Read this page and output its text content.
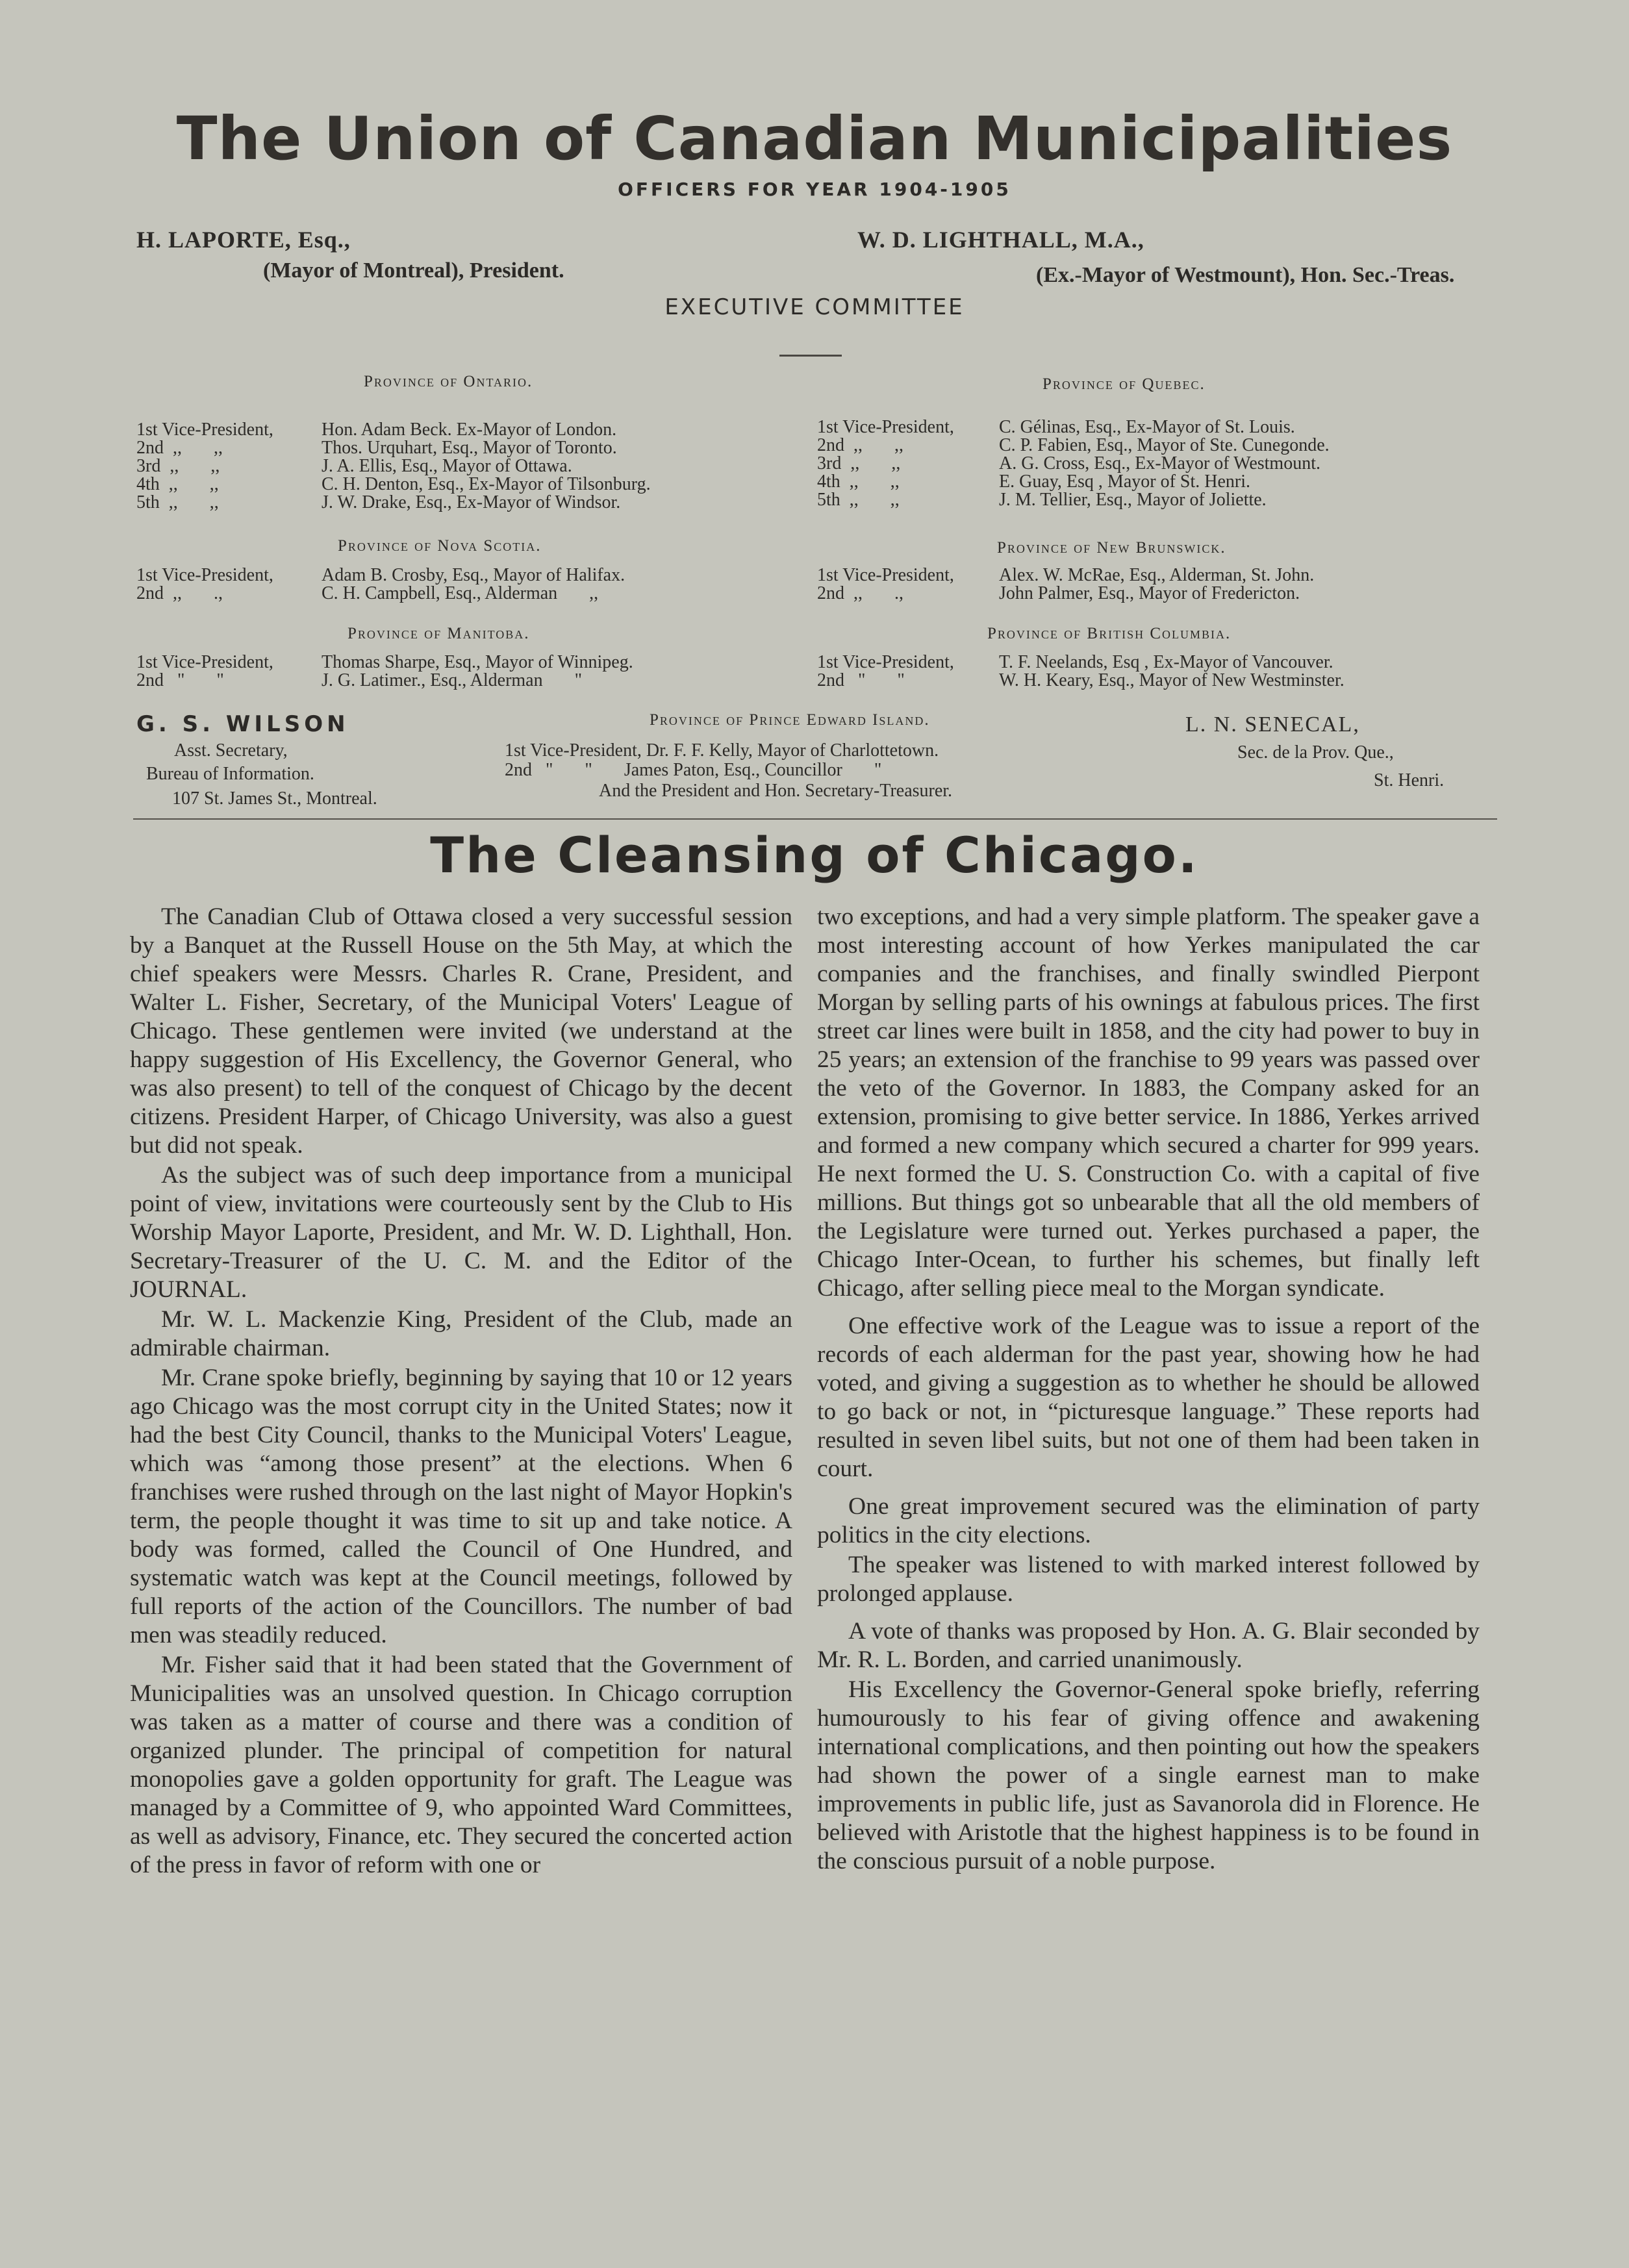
The Union of Canadian Municipalities
OFFICERS FOR YEAR 1904-1905
H. LAPORTE, Esq.,
(Mayor of Montreal), President.
W. D. LIGHTHALL, M.A.,
(Ex.-Mayor of Westmount), Hon. Sec.-Treas.
EXECUTIVE COMMITTEE
Province of Ontario.
1st Vice-President,	Hon. Adam Beck. Ex-Mayor of London.
2nd  ,,       ,,	Thos. Urquhart, Esq., Mayor of Toronto.
3rd  ,,       ,,	J. A. Ellis, Esq., Mayor of Ottawa.
4th  ,,       ,,	C. H. Denton, Esq., Ex-Mayor of Tilsonburg.
5th  ,,       ,,	J. W. Drake, Esq., Ex-Mayor of Windsor.
Province of Quebec.
1st Vice-President, C. Gélinas, Esq., Ex-Mayor of St. Louis.
2nd  ,,       ,,	C. P. Fabien, Esq., Mayor of Ste. Cunegonde.
3rd  ,,       ,,	A. G. Cross, Esq., Ex-Mayor of Westmount.
4th  ,,       ,,	E. Guay, Esq , Mayor of St. Henri.
5th  ,,       ,,	J. M. Tellier, Esq., Mayor of Joliette.
Province of Nova Scotia.
1st Vice-President,	Adam B. Crosby, Esq., Mayor of Halifax.
2nd  ,,       .,	C. H. Campbell, Esq., Alderman       ,,
Province of New Brunswick.
1st Vice-President, Alex. W. McRae, Esq., Alderman, St. John.
2nd  ,,       .,	John Palmer, Esq., Mayor of Fredericton.
Province of Manitoba.
1st Vice-President,	Thomas Sharpe, Esq., Mayor of Winnipeg.
2nd   "       "	J. G. Latimer., Esq., Alderman       "
Province of British Columbia.
1st Vice-President, T. F. Neelands, Esq , Ex-Mayor of Vancouver.
2nd   "       "	W. H. Keary, Esq., Mayor of New Westminster.
G. S. WILSON
Asst. Secretary,
Bureau of Information.
107 St. James St., Montreal.
Province of Prince Edward Island.
1st Vice-President, Dr. F. F. Kelly, Mayor of Charlottetown.
2nd   "       "       James Paton, Esq., Councillor       "
And the President and Hon. Secretary-Treasurer.
L. N. SENECAL,
Sec. de la Prov. Que.,
St. Henri.
The Cleansing of Chicago.

The Canadian Club of Ottawa closed a very successful session by a Banquet at the Russell House on the 5th May, at which the chief speakers were Messrs. Charles R. Crane, President, and Walter L. Fisher, Secretary, of the Municipal Voters' League of Chicago. These gentlemen were invited (we understand at the happy suggestion of His Excellency, the Governor General, who was also present) to tell of the conquest of Chicago by the decent citizens. President Harper, of Chicago University, was also a guest but did not speak.

As the subject was of such deep importance from a municipal point of view, invitations were courteously sent by the Club to His Worship Mayor Laporte, President, and Mr. W. D. Lighthall, Hon. Secretary-Treasurer of the U. C. M. and the Editor of the JOURNAL.

Mr. W. L. Mackenzie King, President of the Club, made an admirable chairman.

Mr. Crane spoke briefly, beginning by saying that 10 or 12 years ago Chicago was the most corrupt city in the United States; now it had the best City Council, thanks to the Municipal Voters' League, which was “among those present” at the elections. When 6 franchises were rushed through on the last night of Mayor Hopkin's term, the people thought it was time to sit up and take notice. A body was formed, called the Council of One Hundred, and systematic watch was kept at the Council meetings, followed by full reports of the action of the Councillors. The number of bad men was steadily reduced.

Mr. Fisher said that it had been stated that the Government of Municipalities was an unsolved question. In Chicago corruption was taken as a matter of course and there was a condition of organized plunder. The principal of competition for natural monopolies gave a golden opportunity for graft. The League was managed by a Committee of 9, who appointed Ward Committees, as well as advisory, Finance, etc. They secured the concerted action of the press in favor of reform with one or

two exceptions, and had a very simple platform. The speaker gave a most interesting account of how Yerkes manipulated the car companies and the franchises, and finally swindled Pierpont Morgan by selling parts of his ownings at fabulous prices. The first street car lines were built in 1858, and the city had power to buy in 25 years; an extension of the franchise to 99 years was passed over the veto of the Governor. In 1883, the Company asked for an extension, promising to give better service. In 1886, Yerkes arrived and formed a new company which secured a charter for 999 years. He next formed the U. S. Construction Co. with a capital of five millions. But things got so unbearable that all the old members of the Legislature were turned out. Yerkes purchased a paper, the Chicago Inter-Ocean, to further his schemes, but finally left Chicago, after selling piece meal to the Morgan syndicate.

One effective work of the League was to issue a report of the records of each alderman for the past year, showing how he had voted, and giving a suggestion as to whether he should be allowed to go back or not, in “picturesque language.” These reports had resulted in seven libel suits, but not one of them had been taken in court.

One great improvement secured was the elimination of party politics in the city elections.

The speaker was listened to with marked interest followed by prolonged applause.

A vote of thanks was proposed by Hon. A. G. Blair seconded by Mr. R. L. Borden, and carried unanimously.

His Excellency the Governor-General spoke briefly, referring humourously to his fear of giving offence and awakening international complications, and then pointing out how the speakers had shown the power of a single earnest man to make improvements in public life, just as Savanorola did in Florence. He believed with Aristotle that the highest happiness is to be found in the conscious pursuit of a noble purpose.
